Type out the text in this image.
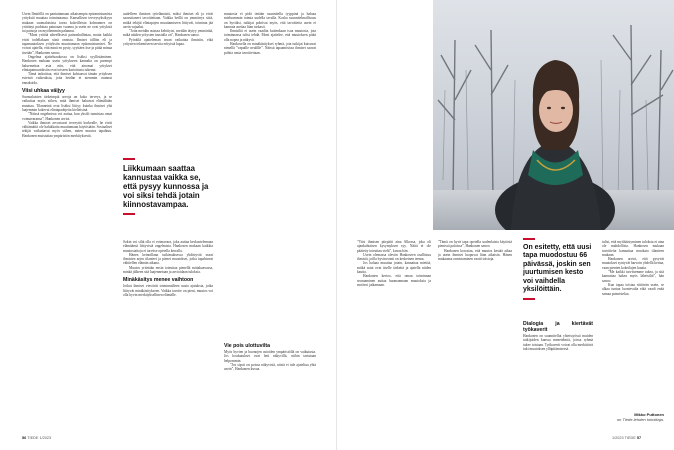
Usein Ilmiöillä on pantuttamaan aikaisempia epäonnistumisia yrityksiä muuttaa toimintaansa. Kansallisen terveysyksikyyn mukaan suomalaisista tavaa kokeilleista kolmannes on yrittänyt pudottaa painoaan vuonna ja usein ne ovat yrityksiä tai painoja on myöhemmin palannut.

”Moni yrittää aiheellisesti painonhallintaa, mutta kaikki eivät todellakaan siinä onnistu. Ilmiset tällöin eli ja tapamuutoksen yrityksiin muuttumaan epäonnistumiset. Ne voivat ajatella, että minä en pysty, syyttäen itse ja pitää minua itseään”, Hankonen sanoo.

Ongelma ajatteluaukossa on lisäksi syyllistäminen. Hankosen mukaan usein yritykseen kannalta on parempi haluemettaa asia niin, että ainomai yritykset elintapamuutoksiin ovat toiseen kartoitusta tukenut.

Tämä tarkoittaa, että ihmiset kohtaavat tämän yrityksen esteistä vaikeuksia, joita heidän ei aiemmin osannut ennakoida.

Viisi uhkaa väijyy

Suomalaisten tärkeimpiä arvoja on koko terveys, ja se vaikuttaa myös siihen, mitä ihmiset haluavat elämältään muuttaa. Tilanneinä ovat lisäksi liittyy kuinka ihmiset yhä laajemmin kokevat elintapaohjeita kielteisinä.

”Näissä ongelmissa voi auttaa, kun yksilö tunnistaa omat voimavaransa”, Hankonen arvioi.

Vaikka ihmiset arvostavat terveyttä korkealle, he eivät välttämättä ole halukkaita muuttamaan käytöstään. Sosiaaliset tekijät vaikuttavat myös siihen, miten muutos tapahtuu. Hankonen muistuttaa ympäristön merkityksestä.

uudelleen ihmisen työelämästä, miksi ihmiset eli ja eivät saavuttaneet tavoitteitaan. Vaikka heillä on ymmärrys siitä, mitkä tekijät elintapojen muuttamiseen liittyvät, toiminta jää usein vajaaksi.

”Jotta meidän asiassa kehittyisi, meidän täytyy ymmärtää, mikä näiden yritysten taustalla on”, Hankonen sanoo.

Pyöräilä ajatteleman tavan vaikuttaa ihmisiin, eikä yritysten tekemiseen tarvita erityistä lupaa.

Liikkumaan saattaa kannustaa vaikka se, että pysyy kunnossa ja voi siksi tehdä jotain kiinnostavampaa.

Sokin voi siltä olla ei voimavara, joka auttaa keskustelemaan elämäänsä liittyvistä ongelmista. Hankosen mukaan kaikkia muutostaitoja ei tarvitse opetella kerralla.

Hänen keinoillaan tutkimuksessa yhdistyvät useat ihmisten arjen tilanteet ja pienet muutokset, jotka tapahtuvat vähitellen elämän aikana.

Muutos yritetään ensin toteuttaa pienellä mittakaavassa, minkä jälkeen sitä laajennetaan ja arvioidaan tuloksia.

Minäkäsitys menee vaihtoon

Jotkut ihmiset viestivät toiminnalleen uusia ajatuksia, jotka liittyvät minäkäsitykseen. Vaikka tavoite on pieni, muutos voi olla hyvin merkityksellinen elämälle.

muutosta ei pidä tietään suunnitella tyyppinä ja haluaa mieluummin toimia uudella tavalla. Koska suunnitelmallisuus on hyväksi, tutkijat pohtivat myös, että tavoitteita usein ei kannata asettaa liian tarkasti.

Ihmisiltä ei usein vaadita kuitenkaan isoa muutosta, jota toiminnassa tulisi tehdä. Moni ajattelee, että muutoksen pitää olla nopea ja näkyvä.

Hankosella on minäkäsitykset ryhmä, jota tutkijat kutsuvat nimellä ”vapaille neulille”. Näissä tapaamisissa ihmiset saavat pohtia omia tavoitteitaan.

Vie pois ulottuvilta

Myös hyvien ja huonojen asioiden ympäristöllä on vaikutusta. Jos houkutukset ovat heti näkyvillä, niihin tartutaan helpommin.

”Jos sipsit on poissa näkyvistä, niistä ei tule ajateltua yhtä usein”, Hankonen kuvaa.

56 TIEDE 1/2023

”Viisi ihmisen piirpäiti aina Alkossa, joka oli ajankohtaisen kysymyksen syy. Näitä ei ole päätetty toteuttaa vielä”, kuvaa hän.

Usein olemassa oleviin Hankoseen osallistuu ihmisiä, joilla hyvinvointi on keskeinen teema.

Jos haluaa muuttaa jotain, kannattaa miettiä, mitkä asiat ovat itselle tärkeitä ja ajatella niiden kautta.

Hankonen kertoo, että oman toiminnan seuraaminen auttaa huomaamaan muutoksia ja motivoi jatkamaan.

”Tämä on hyvä tapa opetella uudenlaista käytöstä pienissä paloissa”, Hankonen sanoo.

Hankonen korostaa, että muutos kestää aikaa ja usein ihmiset luopuvat liian aikaisin. Hänen mukaansa onnistuminen vaatii toistoja.

On esitetty, että uusi tapa muodostuu 66 päivässä, joskin sen juurtumisen kesto voi vaihdella yksilöittäin.
Dialogia ja kiertävät työkaverit

Hankonen on suunnitellut yhteistyössä muiden tutkijoiden kanssa menetelmiä, joissa ryhmä tukee toisiaan. Työkaverit voivat olla merkittävä tuki muutoksen ylläpitämisessä.

tulisi, että myöhäistyminen tuloksia ei aina ole mahdollista. Hankosen mukaan tavoitteita kannattaa muokata tilanteen mukaan.

Hankonen arvioi, että pysyvät muutokset syntyvät harvoin yhdellä kertaa, vaan pienten kokeilujen kautta.

”Me kaikki tarvitsemme tukea, ja sitä kannattaa hakea myös läheisiltä”, hän sanoo.

Kun tapaa toistaa riittävän usein, se alkaa tuntua luontevalta eikä vaadi enää samaa ponnistelua.

Mikko Puttonen
on Tiede-lehden toimittaja.
1/2023 TIEDE 57
